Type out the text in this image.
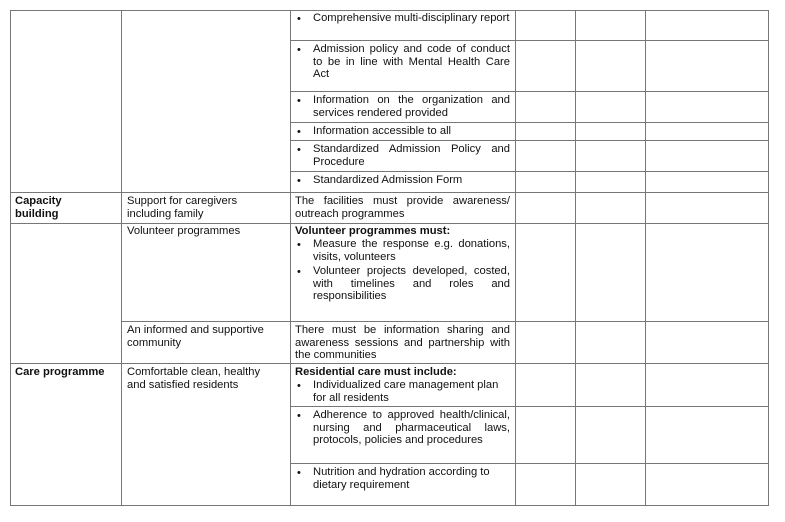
• Comprehensive multi-disciplinary report
• Admission policy and code of conduct to be in line with Mental Health Care Act
• Information on the organization and services rendered provided
• Information accessible to all
• Standardized Admission Policy and Procedure
• Standardized Admission Form
Capacity building
Support for caregivers including family
The facilities must provide awareness/ outreach programmes
Volunteer programmes	Volunteer programmes must:
• Measure the response e.g. donations, visits, volunteers
• Volunteer projects developed, costed, with timelines and roles and responsibilities
An informed and supportive community
There must be information sharing and awareness sessions and partnership with the communities
Care programme	Comfortable clean, healthy and satisfied residents
Residential care must include:
• Individualized care management plan for all residents
• Adherence to approved health/clinical, nursing and pharmaceutical laws, protocols, policies and procedures
• Nutrition and hydration according to dietary requirement
